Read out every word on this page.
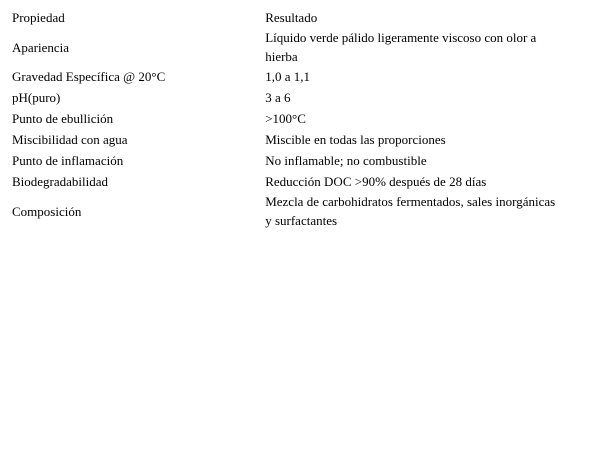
Propiedad	Resultado
Apariencia	Líquido verde pálido ligeramente viscoso con olor a hierba
Gravedad Específica @ 20°C	1,0 a 1,1
pH(puro)	3 a 6
Punto de ebullición	>100°C
Miscibilidad con agua	Miscible en todas las proporciones
Punto de inflamación	No inflamable; no combustible
Biodegradabilidad	Reducción DOC >90% después de 28 días
Composición	Mezcla de carbohidratos fermentados, sales inorgánicas y surfactantes
